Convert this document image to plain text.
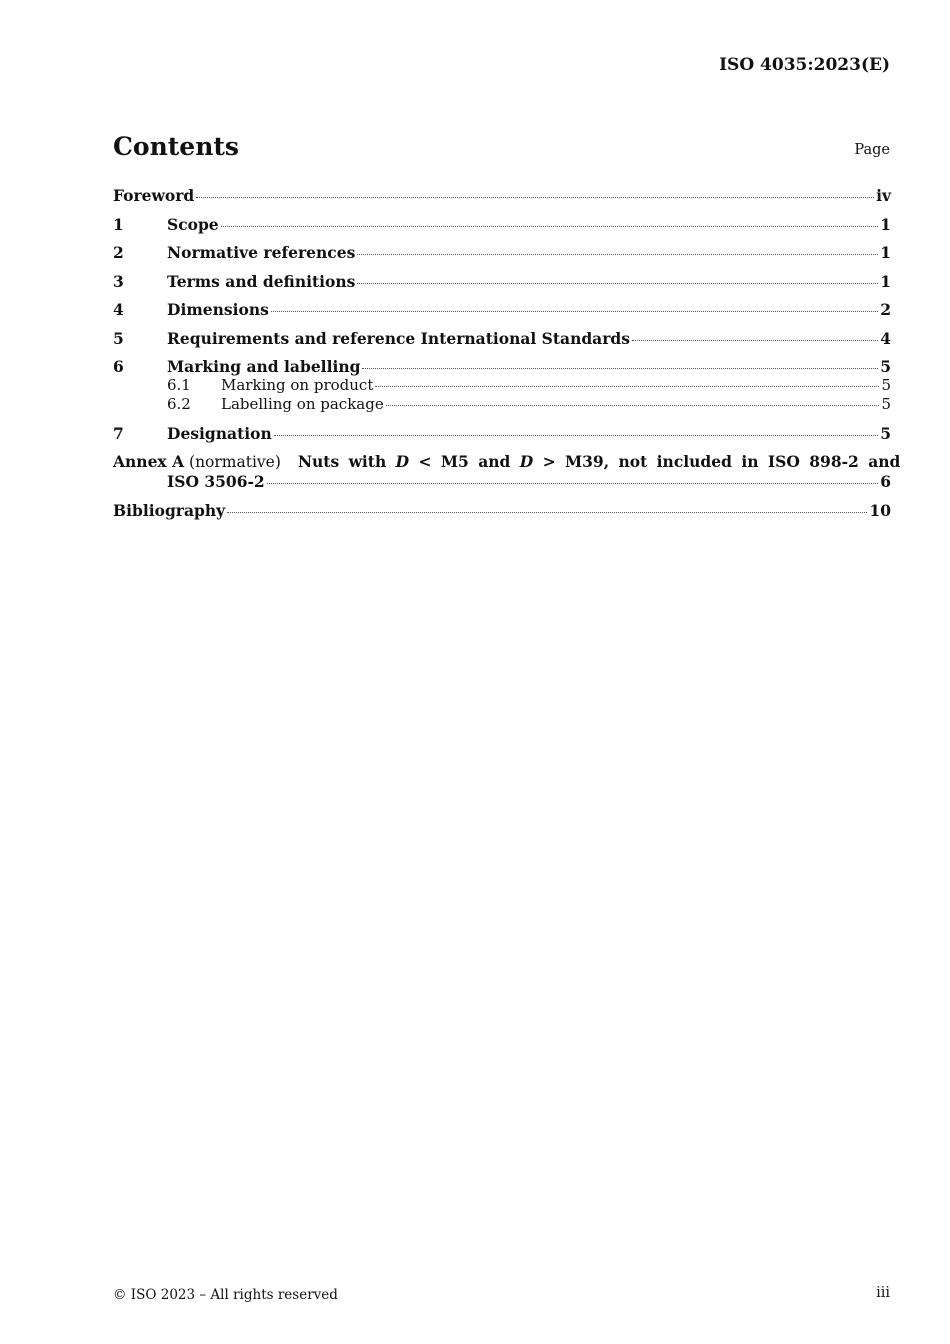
ISO 4035:2023(E)
Contents	Page
Foreword	iv
1	Scope	1
2	Normative references	1
3	Terms and definitions	1
4	Dimensions	2
5	Requirements and reference International Standards	4
6	Marking and labelling	5
6.1	Marking on product	5
6.2	Labelling on package	5
7	Designation	5
Annex A (normative) Nuts with D < M5 and D > M39, not included in ISO 898-2 and
ISO 3506-2	6
Bibliography	10
© ISO 2023 – All rights reserved	iii
